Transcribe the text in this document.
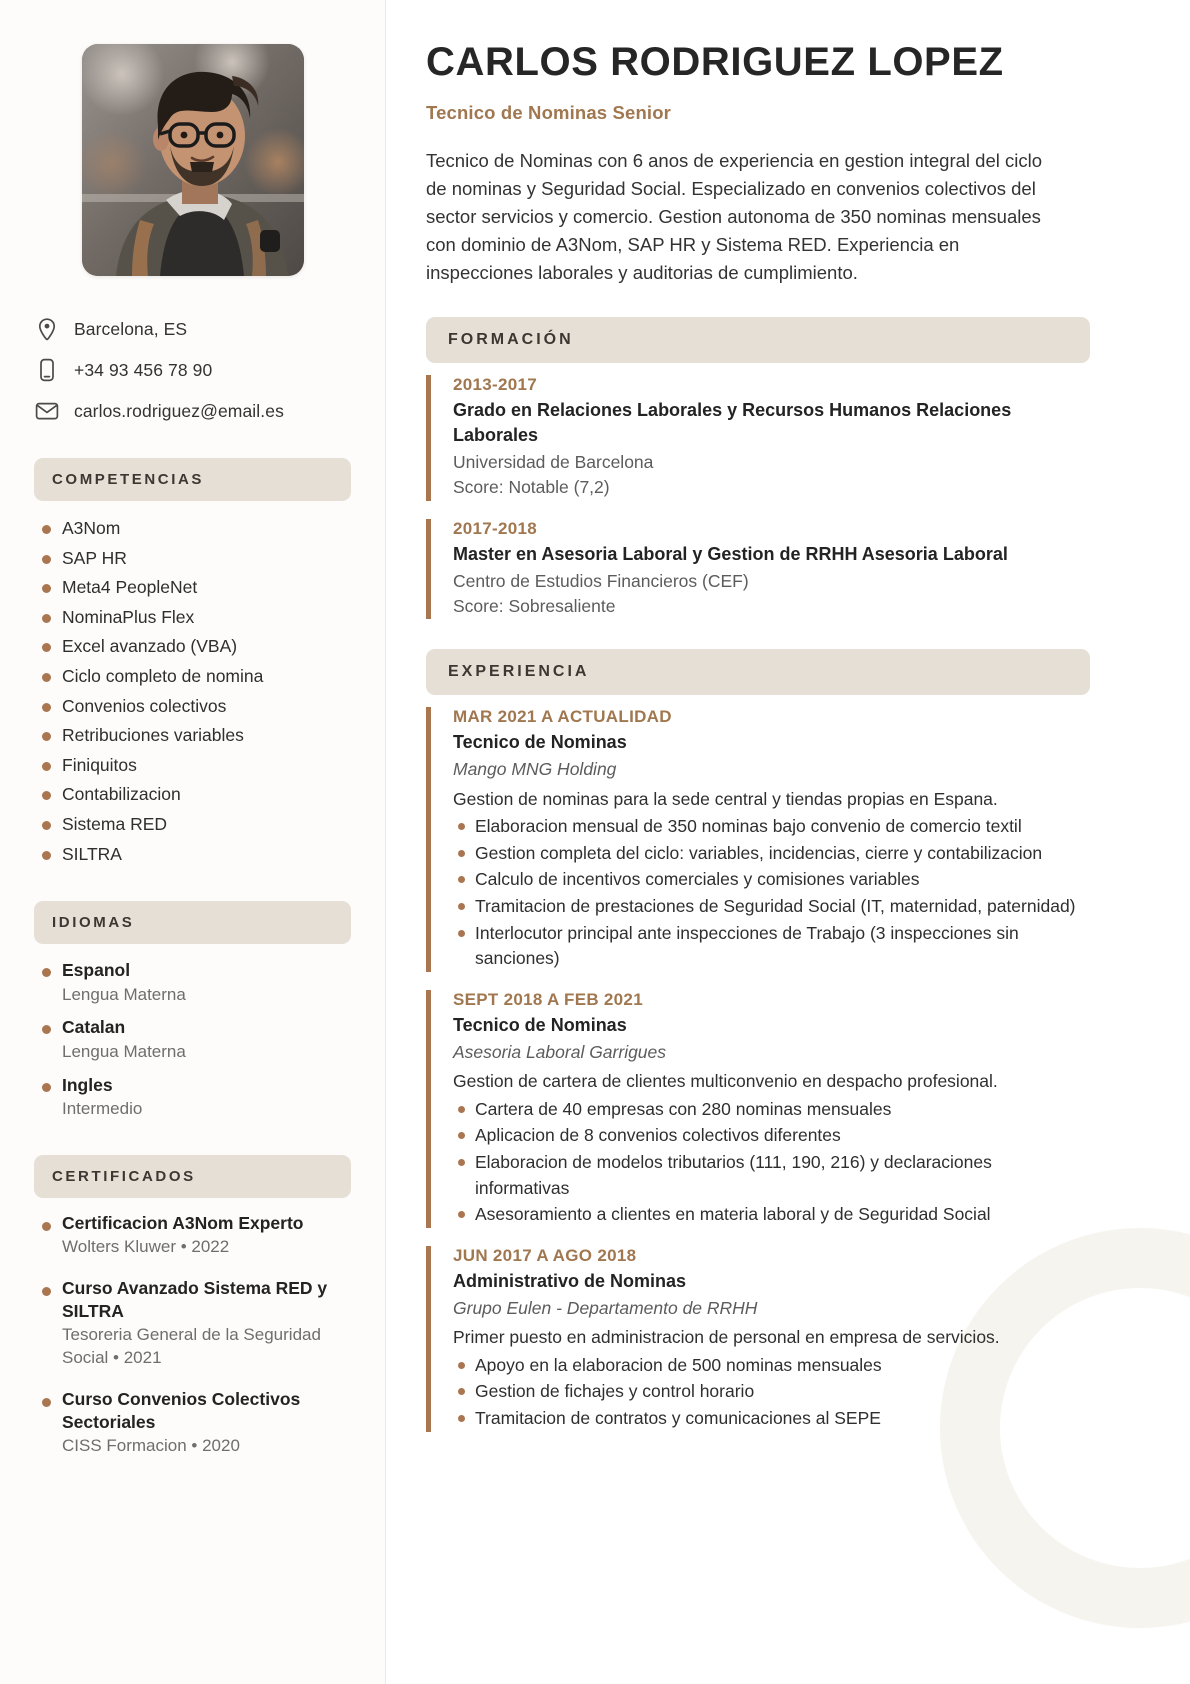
Barcelona, ES
+34 93 456 78 90
carlos.rodriguez@email.es
COMPETENCIAS
A3Nom
SAP HR
Meta4 PeopleNet
NominaPlus Flex
Excel avanzado (VBA)
Ciclo completo de nomina
Convenios colectivos
Retribuciones variables
Finiquitos
Contabilizacion
Sistema RED
SILTRA
IDIOMAS
Espanol
Lengua Materna
Catalan
Lengua Materna
Ingles
Intermedio
CERTIFICADOS
Certificacion A3Nom Experto
Wolters Kluwer • 2022
Curso Avanzado Sistema RED y SILTRA
Tesoreria General de la Seguridad Social • 2021
Curso Convenios Colectivos Sectoriales
CISS Formacion • 2020
CARLOS RODRIGUEZ LOPEZ
Tecnico de Nominas Senior

Tecnico de Nominas con 6 anos de experiencia en gestion integral del ciclo de nominas y Seguridad Social. Especializado en convenios colectivos del sector servicios y comercio. Gestion autonoma de 350 nominas mensuales con dominio de A3Nom, SAP HR y Sistema RED. Experiencia en inspecciones laborales y auditorias de cumplimiento.

FORMACIÓN
2013-2017
Grado en Relaciones Laborales y Recursos Humanos Relaciones Laborales
Universidad de Barcelona
Score: Notable (7,2)
2017-2018
Master en Asesoria Laboral y Gestion de RRHH Asesoria Laboral
Centro de Estudios Financieros (CEF)
Score: Sobresaliente
EXPERIENCIA
MAR 2021 A ACTUALIDAD
Tecnico de Nominas
Mango MNG Holding
Gestion de nominas para la sede central y tiendas propias en Espana.
Elaboracion mensual de 350 nominas bajo convenio de comercio textil
Gestion completa del ciclo: variables, incidencias, cierre y contabilizacion
Calculo de incentivos comerciales y comisiones variables
Tramitacion de prestaciones de Seguridad Social (IT, maternidad, paternidad)
Interlocutor principal ante inspecciones de Trabajo (3 inspecciones sin sanciones)
SEPT 2018 A FEB 2021
Tecnico de Nominas
Asesoria Laboral Garrigues
Gestion de cartera de clientes multiconvenio en despacho profesional.
Cartera de 40 empresas con 280 nominas mensuales
Aplicacion de 8 convenios colectivos diferentes
Elaboracion de modelos tributarios (111, 190, 216) y declaraciones informativas
Asesoramiento a clientes en materia laboral y de Seguridad Social
JUN 2017 A AGO 2018
Administrativo de Nominas
Grupo Eulen - Departamento de RRHH
Primer puesto en administracion de personal en empresa de servicios.
Apoyo en la elaboracion de 500 nominas mensuales
Gestion de fichajes y control horario
Tramitacion de contratos y comunicaciones al SEPE
